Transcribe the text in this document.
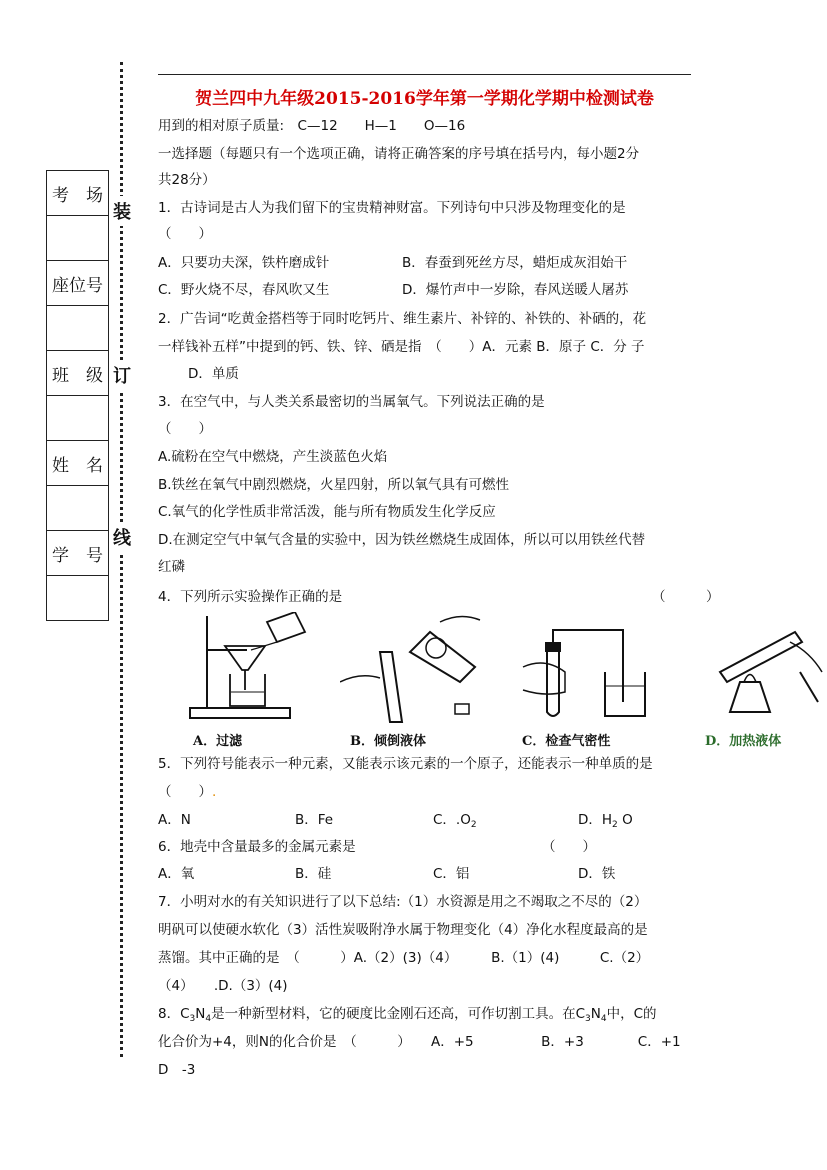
装
订
线
考　场

座位号

班　级

姓　名

学　号

贺兰四中九年级2015-2016学年第一学期化学期中检测试卷
用到的相对原子质量:　C—12　　H—1　　O—16
一选择题（每题只有一个选项正确，请将正确答案的序号填在括号内，每小题2分
共28分）
1．古诗词是古人为我们留下的宝贵精神财富。下列诗句中只涉及物理变化的是
（　　）
A．只要功夫深，铁杵磨成针	B．春蚕到死丝方尽，蜡炬成灰泪始干
C．野火烧不尽，春风吹又生	D．爆竹声中一岁除，春风送暖人屠苏
2．广告词“吃黄金搭档等于同时吃钙片、维生素片、补锌的、补铁的、补硒的，花
一样钱补五样”中提到的钙、铁、锌、硒是指　（　　）A．元素 B．原子 C．分 子
D．单质
3．在空气中，与人类关系最密切的当属氧气。下列说法正确的是
（　　）
A.硫粉在空气中燃烧，产生淡蓝色火焰
B.铁丝在氧气中剧烈燃烧，火星四射，所以氧气具有可燃性
C.氧气的化学性质非常活泼，能与所有物质发生化学反应
D.在测定空气中氧气含量的实验中，因为铁丝燃烧生成固体，所以可以用铁丝代替
红磷
4．下列所示实验操作正确的是	（　　　）
A．过滤	B．倾倒液体	C．检查气密性	D．加热液体
5．下列符号能表示一种元素，又能表示该元素的一个原子，还能表示一种单质的是
（　　）.
A．N	B．Fe	C．$.O_2$	D．$H_2$ O
6．地壳中含量最多的金属元素是	（　　）
A．氧	B．硅	C．铝	D．铁
7．小明对水的有关知识进行了以下总结:（1）水资源是用之不竭取之不尽的（2）
明矾可以使硬水软化（3）活性炭吸附净水属于物理变化（4）净化水程度最高的是
蒸馏。其中正确的是　（　　　）A.（2）(3)（4）　　　B.（1）(4)　　　C.（2）
（4）　　.D.（3）(4)
8．$C_3N_4$是一种新型材料，它的硬度比金刚石还高，可作切割工具。在$C_3N_4$中，C的
化合价为+4，则N的化合价是　（　　　）　　A．+5　　　　　B．+3　　　　C．+1
D　-3
